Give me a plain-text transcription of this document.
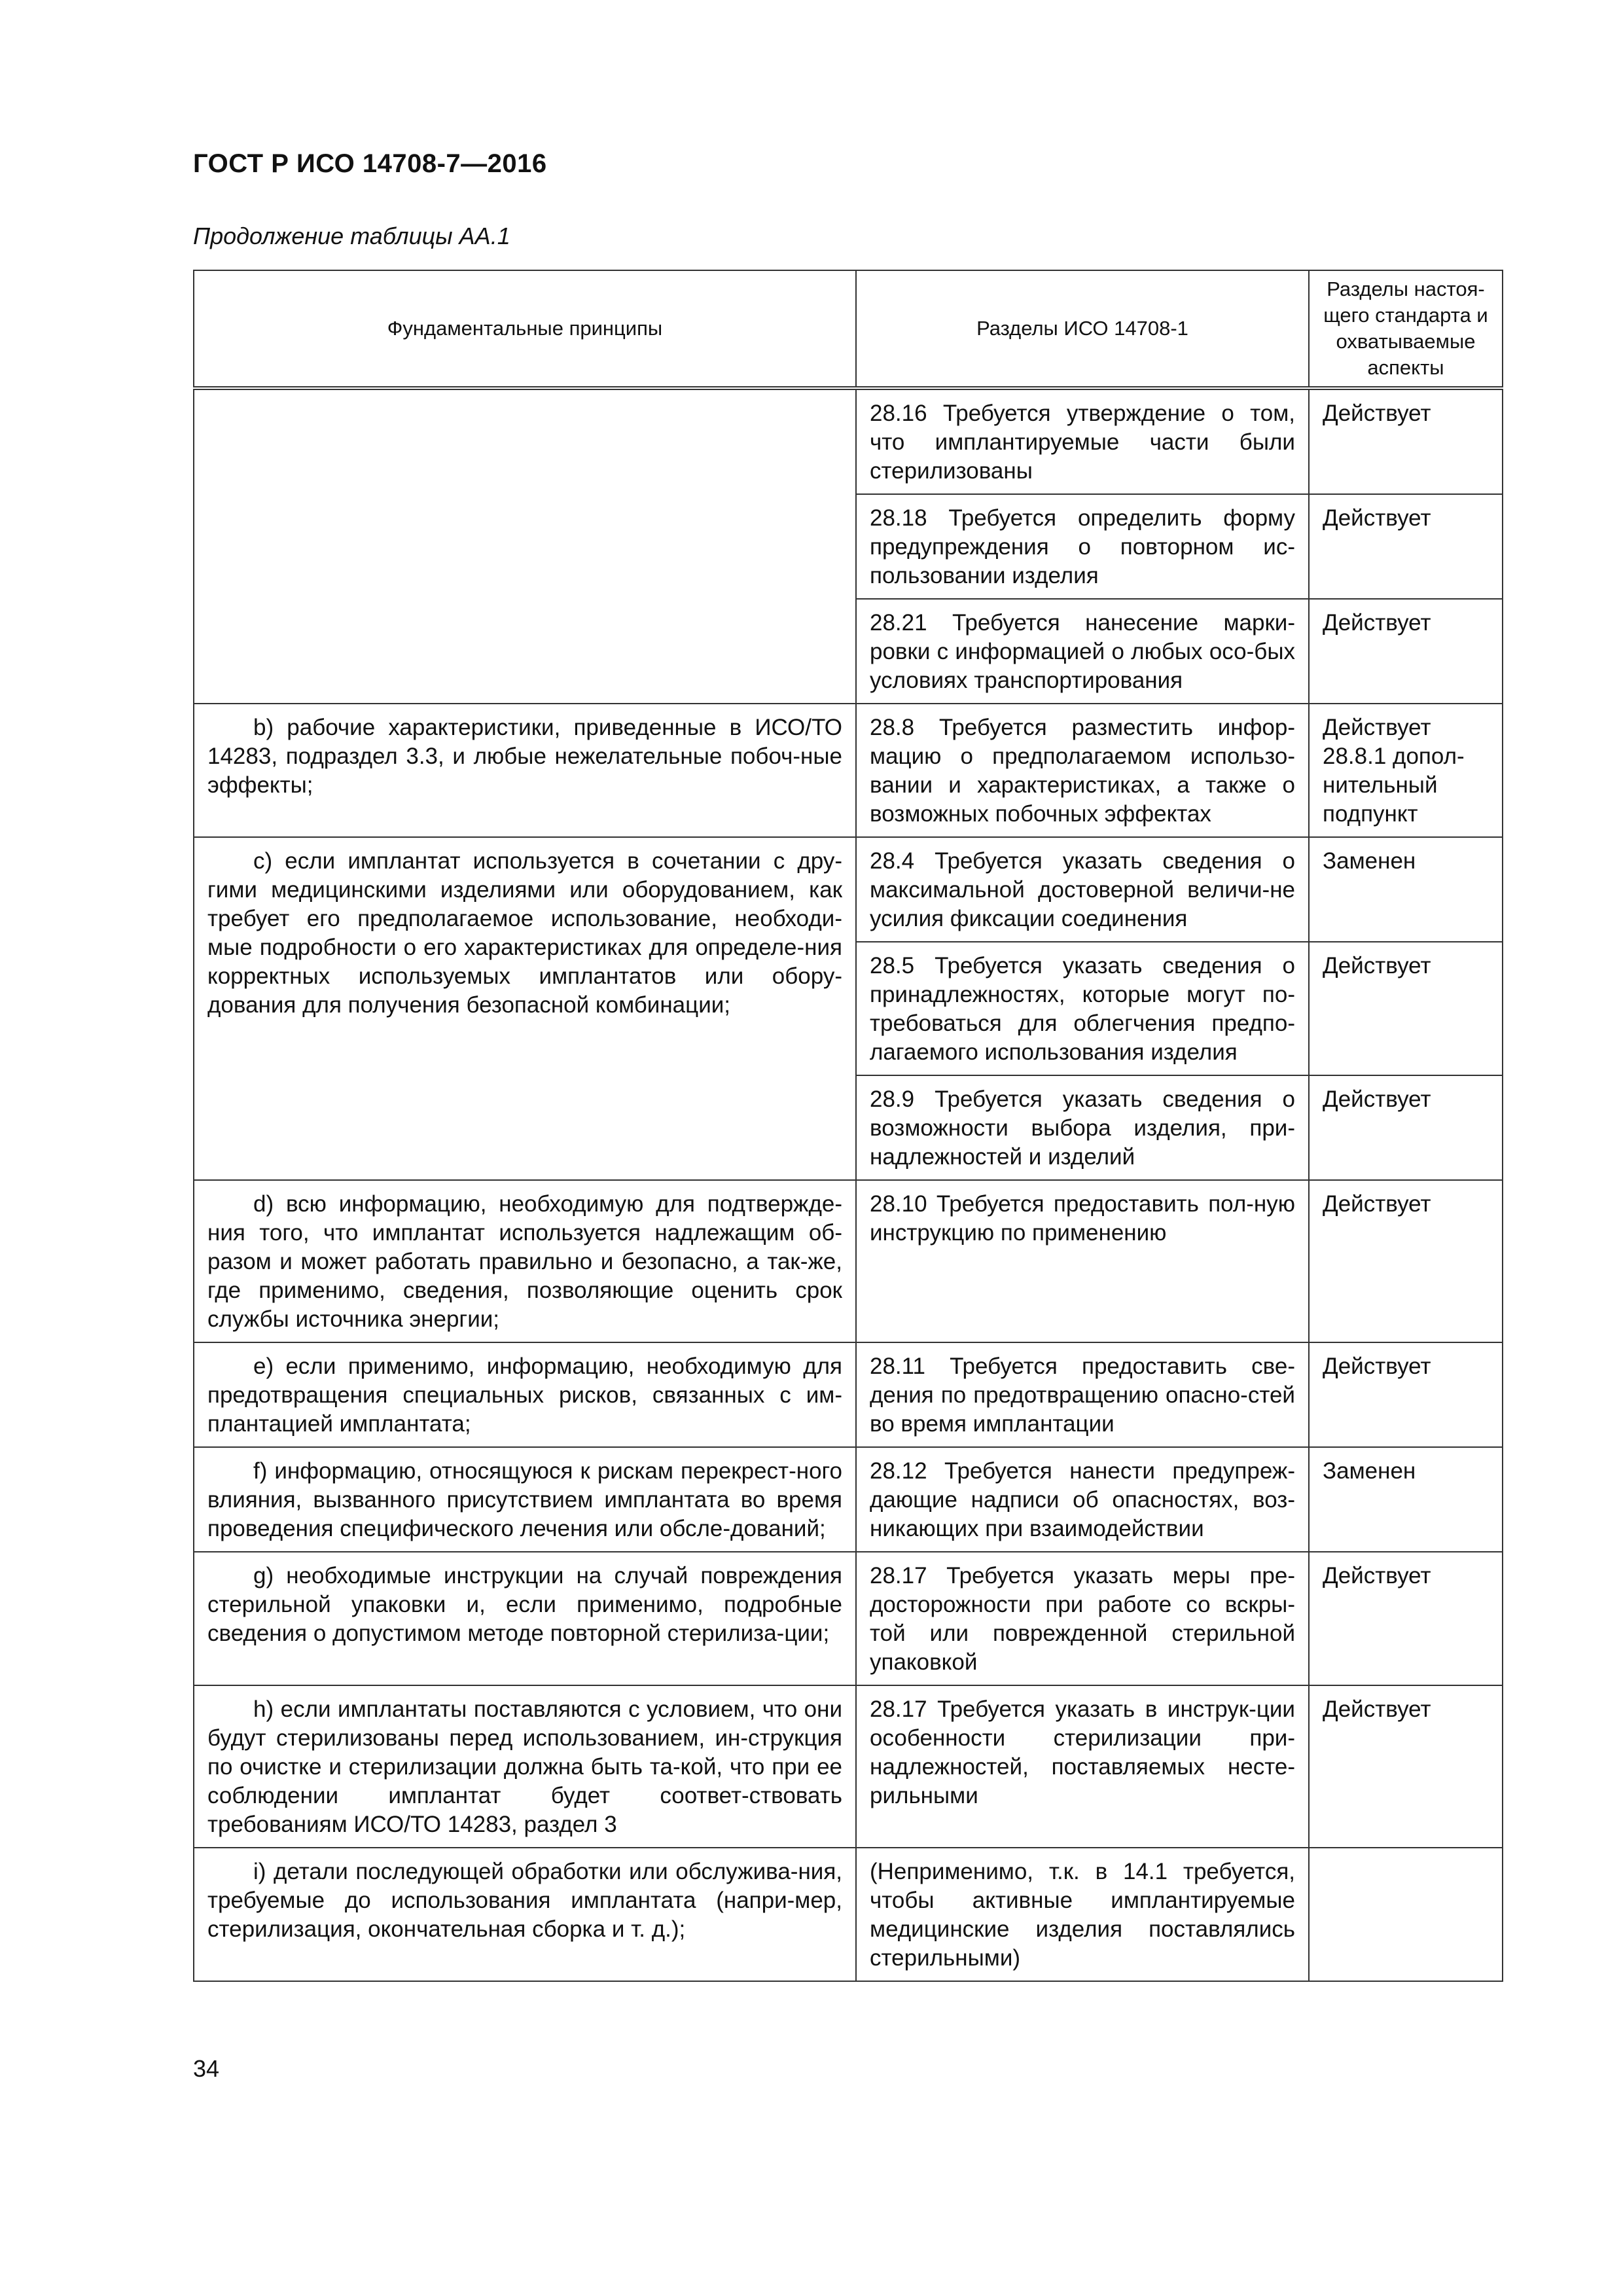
ГОСТ Р ИСО 14708-7—2016
Продолжение таблицы АА.1
Фундаментальные принципы	Разделы ИСО 14708-1	Разделы настоя-щего стандарта и охватываемые аспекты
	28.16 Требуется утверждение о том, что имплантируемые части были стерилизованы	Действует
	28.18 Требуется определить форму предупреждения о повторном ис-пользовании изделия	Действует
	28.21 Требуется нанесение марки-ровки с информацией о любых осо-бых условиях транспортирования	Действует
b) рабочие характеристики, приведенные в ИСО/ТО 14283, подраздел 3.3, и любые нежелательные побоч-ные эффекты;	28.8 Требуется разместить инфор-мацию о предполагаемом использо-вании и характеристиках, а также о возможных побочных эффектах	Действует 28.8.1 допол-нительный подпункт
c) если имплантат используется в сочетании с дру-гими медицинскими изделиями или оборудованием, как требует его предполагаемое использование, необходи-мые подробности о его характеристиках для определе-ния корректных используемых имплантатов или обору-дования для получения безопасной комбинации;	28.4 Требуется указать сведения о максимальной достоверной величи-не усилия фиксации соединения	Заменен
	28.5 Требуется указать сведения о принадлежностях, которые могут по-требоваться для облегчения предпо-лагаемого использования изделия	Действует
	28.9 Требуется указать сведения о возможности выбора изделия, при-надлежностей и изделий	Действует
d) всю информацию, необходимую для подтвержде-ния того, что имплантат используется надлежащим об-разом и может работать правильно и безопасно, а так-же, где применимо, сведения, позволяющие оценить срок службы источника энергии;	28.10 Требуется предоставить пол-ную инструкцию по применению	Действует
e) если применимо, информацию, необходимую для предотвращения специальных рисков, связанных с им-плантацией имплантата;	28.11 Требуется предоставить све-дения по предотвращению опасно-стей во время имплантации	Действует
f) информацию, относящуюся к рискам перекрест-ного влияния, вызванного присутствием имплантата во время проведения специфического лечения или обсле-дований;	28.12 Требуется нанести предупреж-дающие надписи об опасностях, воз-никающих при взаимодействии	Заменен
g) необходимые инструкции на случай повреждения стерильной упаковки и, если применимо, подробные сведения о допустимом методе повторной стерилиза-ции;	28.17 Требуется указать меры пре-досторожности при работе со вскры-той или поврежденной стерильной упаковкой	Действует
h) если имплантаты поставляются с условием, что они будут стерилизованы перед использованием, ин-струкция по очистке и стерилизации должна быть та-кой, что при ее соблюдении имплантат будет соответ-ствовать требованиям ИСО/ТО 14283, раздел 3	28.17 Требуется указать в инструк-ции особенности стерилизации при-надлежностей, поставляемых несте-рильными	Действует
i) детали последующей обработки или обслужива-ния, требуемые до использования имплантата (напри-мер, стерилизация, окончательная сборка и т. д.);	(Неприменимо, т.к. в 14.1 требуется, чтобы активные имплантируемые медицинские изделия поставлялись стерильными)	
34
